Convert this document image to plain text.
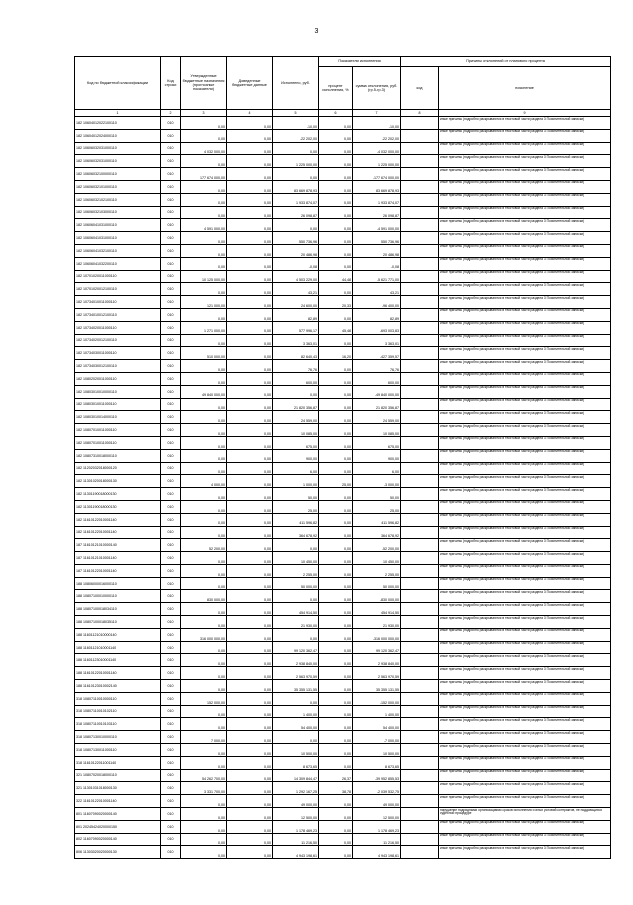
3
Код по бюджетной классификации	Код строки	Утвержденные бюджетные назначения (прогнозные показатели)	Доведенные бюджетные данные	Исполнено, руб.	Показатели исполнения		Причины отклонений от планового процента	
					процент исполнения, %	сумма отклонения, руб. (гр.5-гр.3)	код	пояснение
1	2	3	4	5	6	7	8	9
182 10604012022100110	010	0,00	0,00	-10,00	0,00	-10,00		иные причины (подробно раскрываются в текстовой части раздела 3 Пояснительной записки)
182 10604012024000110	010	0,00	0,00	-22 202,00	0,00	-22 202,00		иные причины (подробно раскрываются в текстовой части раздела 3 Пояснительной записки)
182 10606032031000110	010	4 032 000,00	0,00	0,00	0,00	-4 032 000,00		иные причины (подробно раскрываются в текстовой части раздела 3 Пояснительной записки)
182 10606032031000110	010	0,00	0,00	1 225 000,00	0,00	1 225 000,00		иные причины (подробно раскрываются в текстовой части раздела 3 Пояснительной записки)
182 10606032100000110	010	177 674 000,00	0,00	0,00	0,00	-177 674 000,00		иные причины (подробно раскрываются в текстовой части раздела 3 Пояснительной записки)
182 10606032101000110	010	0,00	0,00	83 669 878,93	0,00	83 669 878,93		иные причины (подробно раскрываются в текстовой части раздела 3 Пояснительной записки)
182 10606032102100110	010	0,00	0,00	1 933 874,07	0,00	1 933 874,07		иные причины (подробно раскрываются в текстовой части раздела 3 Пояснительной записки)
182 10606032103000110	010	0,00	0,00	26 098,87	0,00	26 098,87		иные причины (подробно раскрываются в текстовой части раздела 3 Пояснительной записки)
182 10606041031000110	010	4 591 000,00	0,00	0,00	0,00	-4 591 000,00		иные причины (подробно раскрываются в текстовой части раздела 3 Пояснительной записки)
182 10606041031000110	010	0,00	0,00	550 736,96	0,00	550 736,96		иные причины (подробно раскрываются в текстовой части раздела 3 Пояснительной записки)
182 10606041032100110	010	0,00	0,00	20 486,98	0,00	20 486,98		иные причины (подробно раскрываются в текстовой части раздела 3 Пояснительной записки)
182 10606041032200110	010	0,00	0,00	-0,08	0,00	-0,08		иные причины (подробно раскрываются в текстовой части раздела 3 Пояснительной записки)
182 10701020011000110	010	10 125 000,00	0,00	4 503 229,00	44,48	-5 621 771,00		иные причины (подробно раскрываются в текстовой части раздела 3 Пояснительной записки)
182 10701020012100110	010	0,00	0,00	43,21	0,00	43,21		иные причины (подробно раскрываются в текстовой части раздела 3 Пояснительной записки)
182 10734010011000110	010	121 000,00	0,00	24 600,00	20,33	-96 400,00		иные причины (подробно раскрываются в текстовой части раздела 3 Пояснительной записки)
182 10734010012100110	010	0,00	0,00	82,89	0,00	82,89		иные причины (подробно раскрываются в текстовой части раздела 3 Пояснительной записки)
182 10734020011000110	010	1 271 000,00	0,00	577 996,17	45,48	-693 003,83		иные причины (подробно раскрываются в текстовой части раздела 3 Пояснительной записки)
182 10734020012100110	010	0,00	0,00	3 363,01	0,00	3 363,01		иные причины (подробно раскрываются в текстовой части раздела 3 Пояснительной записки)
182 10734030011000110	010	510 000,00	0,00	82 640,43	16,20	-427 359,57		иные причины (подробно раскрываются в текстовой части раздела 3 Пояснительной записки)
182 10734030012100110	010	0,00	0,00	76,76	0,00	76,76		иные причины (подробно раскрываются в текстовой части раздела 3 Пояснительной записки)
182 10802020011000110	010	0,00	0,00	600,00	0,00	600,00		иные причины (подробно раскрываются в текстовой части раздела 3 Пояснительной записки)
182 10803010010000110	010	49 840 000,00	0,00	0,00	0,00	-49 840 000,00		иные причины (подробно раскрываются в текстовой части раздела 3 Пояснительной записки)
182 10803010011000110	010	0,00	0,00	21 820 356,87	0,00	21 820 356,87		иные причины (подробно раскрываются в текстовой части раздела 3 Пояснительной записки)
182 10803010014000110	010	0,00	0,00	24 559,00	0,00	24 559,00		иные причины (подробно раскрываются в текстовой части раздела 3 Пояснительной записки)
182 10807010011000110	010	0,00	0,00	10 085,00	0,00	10 085,00		иные причины (подробно раскрываются в текстовой части раздела 3 Пояснительной записки)
182 10807010011000110	010	0,00	0,00	675,00	0,00	675,00		иные причины (подробно раскрываются в текстовой части раздела 3 Пояснительной записки)
182 10807310018000110	010	0,00	0,00	900,00	0,00	900,00		иные причины (подробно раскрываются в текстовой части раздела 3 Пояснительной записки)
182 11202032018000120	010	0,00	0,00	6,00	0,00	6,00		иные причины (подробно раскрываются в текстовой части раздела 3 Пояснительной записки)
182 11301020018000130	010	4 000,00	0,00	1 000,00	25,00	-3 000,00		иные причины (подробно раскрываются в текстовой части раздела 3 Пояснительной записки)
182 11301190018000130	010	0,00	0,00	50,00	0,00	50,00		иные причины (подробно раскрываются в текстовой части раздела 3 Пояснительной записки)
182 11301190018000130	010	0,00	0,00	25,00	0,00	25,00		иные причины (подробно раскрываются в текстовой части раздела 3 Пояснительной записки)
182 11610122010001140	010	0,00	0,00	411 596,82	0,00	411 596,82		иные причины (подробно раскрываются в текстовой части раздела 3 Пояснительной записки)
182 11610122010001140	010	0,00	0,00	364 678,92	0,00	364 678,92		иные причины (подробно раскрываются в текстовой части раздела 3 Пояснительной записки)
187 11610121010000140	010	52 200,00	0,00	0,00	0,00	-52 200,00		иные причины (подробно раскрываются в текстовой части раздела 3 Пояснительной записки)
187 11610121010001140	010	0,00	0,00	10 450,00	0,00	10 450,00		иные причины (подробно раскрываются в текстовой части раздела 3 Пояснительной записки)
187 11610122010001140	010	0,00	0,00	2 255,00	0,00	2 255,00		иные причины (подробно раскрываются в текстовой части раздела 3 Пояснительной записки)
188 10806000016000110	010	0,00	0,00	50 000,00	0,00	50 000,00		иные причины (подробно раскрываются в текстовой части раздела 3 Пояснительной записки)
188 10807100010000110	010	830 000,00	0,00	0,00	0,00	-830 000,00		иные причины (подробно раскрываются в текстовой части раздела 3 Пояснительной записки)
188 10807100018034110	010	0,00	0,00	454 914,50	0,00	454 914,50		иные причины (подробно раскрываются в текстовой части раздела 3 Пояснительной записки)
188 10807100018035110	010	0,00	0,00	21 930,00	0,00	21 930,00		иные причины (подробно раскрываются в текстовой части раздела 3 Пояснительной записки)
188 11601121010000140	010	316 000 000,00	0,00	0,00	0,00	-316 000 000,00		иные причины (подробно раскрываются в текстовой части раздела 3 Пояснительной записки)
188 11601121010001140	010	0,00	0,00	99 120 362,47	0,00	99 120 362,47		иные причины (подробно раскрываются в текстовой части раздела 3 Пояснительной записки)
188 11601123010001140	010	0,00	0,00	2 938 840,00	0,00	2 938 840,00		иные причины (подробно раскрываются в текстовой части раздела 3 Пояснительной записки)
188 11610122010001140	010	0,00	0,00	2 563 970,59	0,00	2 563 970,59		иные причины (подробно раскрываются в текстовой части раздела 3 Пояснительной записки)
188 11610123010002140	010	0,00	0,00	35 355 131,55	0,00	35 355 131,55		иные причины (подробно раскрываются в текстовой части раздела 3 Пояснительной записки)
318 10807110010000110	010	152 000,00	0,00	0,00	0,00	-152 000,00		иные причины (подробно раскрываются в текстовой части раздела 3 Пояснительной записки)
318 10807110010102110	010	0,00	0,00	1 400,00	0,00	1 400,00		иные причины (подробно раскрываются в текстовой части раздела 3 Пояснительной записки)
318 10807110010103110	010	0,00	0,00	54 400,00	0,00	54 400,00		иные причины (подробно раскрываются в текстовой части раздела 3 Пояснительной записки)
318 10807130010000110	010	7 000,00	0,00	0,00	0,00	-7 000,00		иные причины (подробно раскрываются в текстовой части раздела 3 Пояснительной записки)
318 10807130011000110	010	0,00	0,00	10 500,00	0,00	10 500,00		иные причины (подробно раскрываются в текстовой части раздела 3 Пояснительной записки)
318 11610122011001140	010	0,00	0,00	8 673,65	0,00	8 673,65		иные причины (подробно раскрываются в текстовой части раздела 3 Пояснительной записки)
321 10807020018000110	010	54 262 700,00	0,00	14 309 844,47	26,37	-39 952 855,53		иные причины (подробно раскрываются в текстовой части раздела 3 Пояснительной записки)
321 11301031018000130	010	3 331 700,00	0,00	1 292 167,25	38,78	-2 039 532,75		иные причины (подробно раскрываются в текстовой части раздела 3 Пояснительной записки)
322 11610122010001140	010	0,00	0,00	49 000,00	0,00	49 000,00		иные причины (подробно раскрываются в текстовой части раздела 3 Пояснительной записки)
801 11607090020000140	010	0,00	0,00	12 500,00	0,00	12 500,00		нарушение подрядными организациями сроков исполнения и иных условий контрактов, не поддающихся судебной процедуре
801 20245424020000150	010	0,00	0,00	1 178 469,23	0,00	1 178 469,23		иные причины (подробно раскрываются в текстовой части раздела 3 Пояснительной записки)
802 11607090020000140	010	0,00	0,00	11 216,50	0,00	11 216,50		иные причины (подробно раскрываются в текстовой части раздела 3 Пояснительной записки)
806 11303020020000130	010	0,00	0,00	4 943 198,61	0,00	4 943 198,61		иные причины (подробно раскрываются в текстовой части раздела 3 Пояснительной записки)
